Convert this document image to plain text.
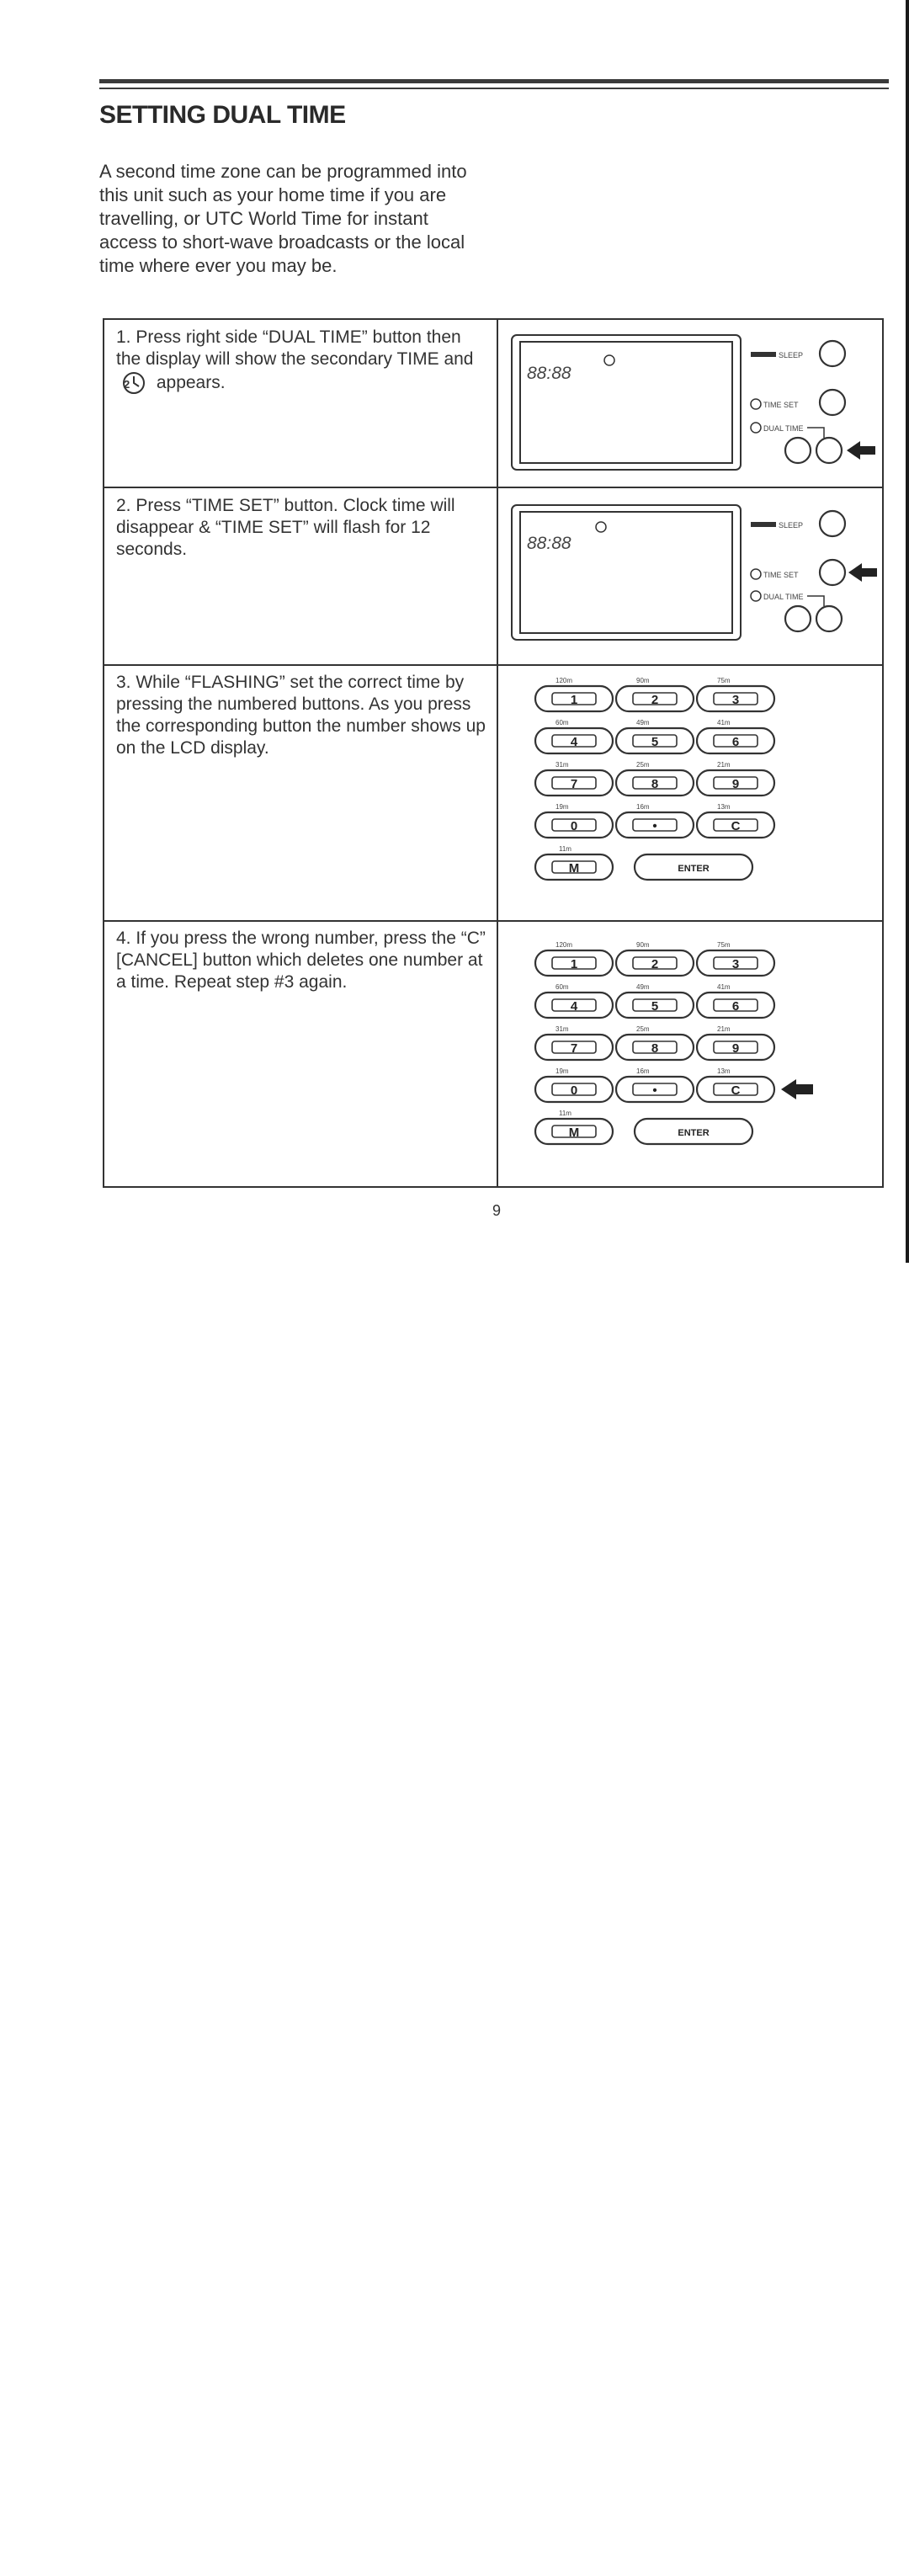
SETTING DUAL TIME

A second time zone can be programmed into this unit such as your home time if you are travelling, or UTC World Time for instant access to short-wave broadcasts or the local time where ever you may be.

1. Press right side “DUAL TIME” button then the display will show the secondary TIME and
2 appears.

2. Press “TIME SET” button. Clock time will disappear & “TIME SET” will flash for 12 seconds.

3. While “FLASHING” set the correct time by pressing the numbered buttons. As you press the corresponding button the number shows up on the LCD display.

4. If you press the wrong number, press the “C” [CANCEL] button which deletes one number at a time. Repeat step #3 again.

88:88
SLEEP
TIME SET
DUAL TIME
88:88
SLEEP
TIME SET
DUAL TIME
120m
1
90m
2
75m
3
60m
4
49m
5
41m
6
31m
7
25m
8
21m
9
19m
0
16m
•
13m
C
11m
M	ENTER
120m
1
90m
2
75m
3
60m
4
49m
5
41m
6
31m
7
25m
8
21m
9
19m
0
16m
•
13m
C
11m
M	ENTER
9
